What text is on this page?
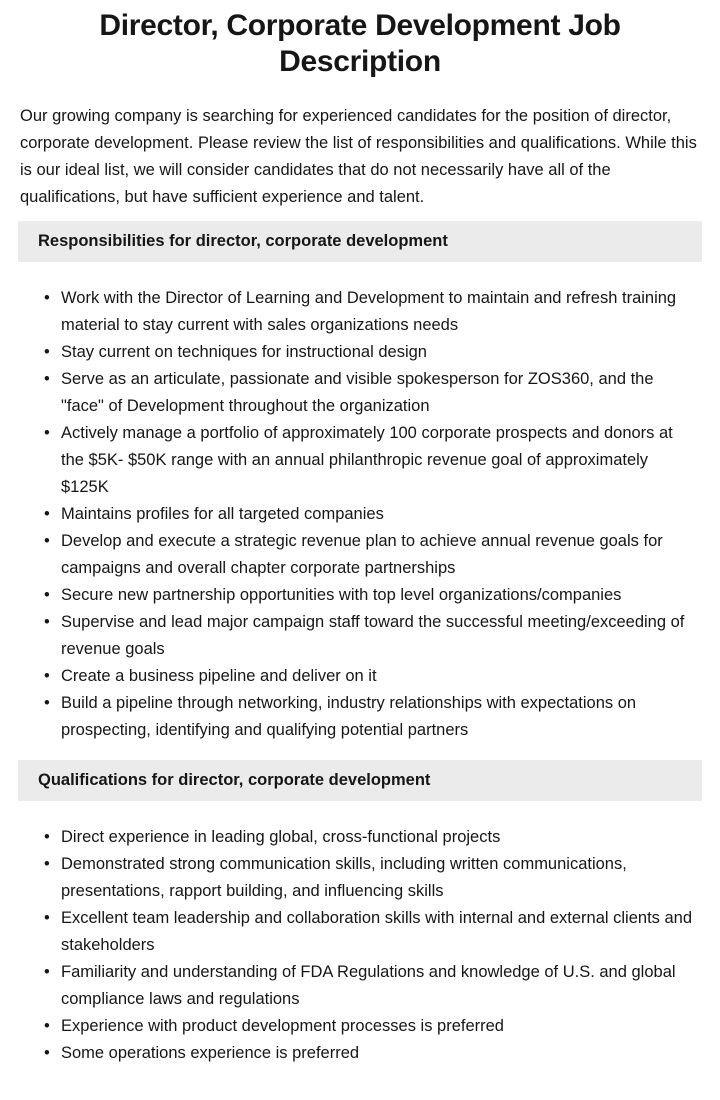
Director, Corporate Development Job Description

Our growing company is searching for experienced candidates for the position of director, corporate development. Please review the list of responsibilities and qualifications. While this is our ideal list, we will consider candidates that do not necessarily have all of the qualifications, but have sufficient experience and talent.

Responsibilities for director, corporate development
• Work with the Director of Learning and Development to maintain and refresh training material to stay current with sales organizations needs
• Stay current on techniques for instructional design
• Serve as an articulate, passionate and visible spokesperson for ZOS360, and the "face" of Development throughout the organization
• Actively manage a portfolio of approximately 100 corporate prospects and donors at the $5K- $50K range with an annual philanthropic revenue goal of approximately $125K
• Maintains profiles for all targeted companies
• Develop and execute a strategic revenue plan to achieve annual revenue goals for campaigns and overall chapter corporate partnerships
• Secure new partnership opportunities with top level organizations/companies
• Supervise and lead major campaign staff toward the successful meeting/exceeding of revenue goals
• Create a business pipeline and deliver on it
• Build a pipeline through networking, industry relationships with expectations on prospecting, identifying and qualifying potential partners
Qualifications for director, corporate development
• Direct experience in leading global, cross-functional projects
• Demonstrated strong communication skills, including written communications, presentations, rapport building, and influencing skills
• Excellent team leadership and collaboration skills with internal and external clients and stakeholders
• Familiarity and understanding of FDA Regulations and knowledge of U.S. and global compliance laws and regulations
• Experience with product development processes is preferred
• Some operations experience is preferred
